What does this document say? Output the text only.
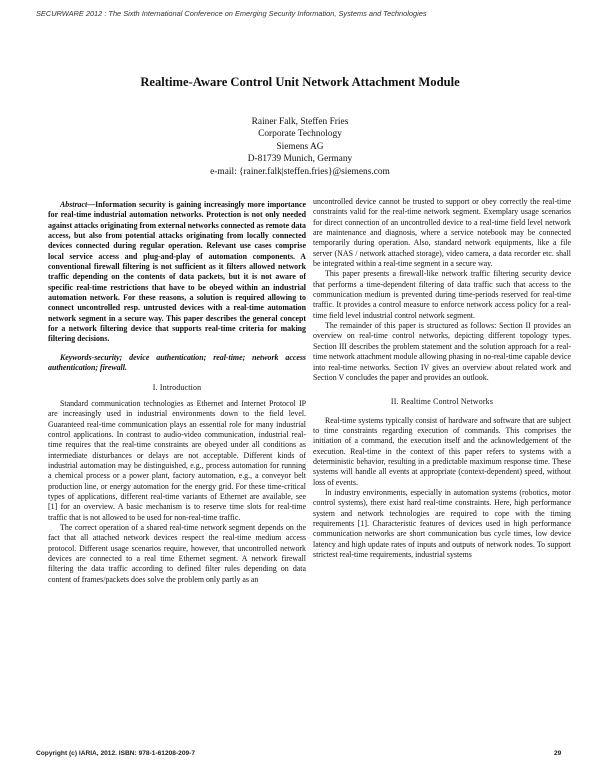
SECURWARE 2012 : The Sixth International Conference on Emerging Security Information, Systems and Technologies
Realtime-Aware Control Unit Network Attachment Module
Rainer Falk, Steffen Fries
Corporate Technology
Siemens AG
D-81739 Munich, Germany
e-mail: {rainer.falk|steffen.fries}@siemens.com

Abstract—Information security is gaining increasingly more importance for real-time industrial automation networks. Protection is not only needed against attacks originating from external networks connected as remote data access, but also from potential attacks originating from locally connected devices connected during regular operation. Relevant use cases comprise local service access and plug-and-play of automation components. A conventional firewall filtering is not sufficient as it filters allowed network traffic depending on the contents of data packets, but it is not aware of specific real-time restrictions that have to be obeyed within an industrial automation network. For these reasons, a solution is required allowing to connect uncontrolled resp. untrusted devices with a real-time automation network segment in a secure way. This paper describes the general concept for a network filtering device that supports real-time criteria for making filtering decisions.

Keywords-security; device authentication; real-time; network access authentication; firewall.

I. Introduction

Standard communication technologies as Ethernet and Internet Protocol IP are increasingly used in industrial environments down to the field level. Guaranteed real-time communication plays an essential role for many industrial control applications. In contrast to audio-video communication, industrial real-time requires that the real-time constraints are obeyed under all conditions as intermediate disturbances or delays are not acceptable. Different kinds of industrial automation may be distinguished, e.g., process automation for running a chemical process or a power plant, factory automation, e.g., a conveyor belt production line, or energy automation for the energy grid. For these time-critical types of applications, different real-time variants of Ethernet are available, see [1] for an overview. A basic mechanism is to reserve time slots for real-time traffic that is not allowed to be used for non-real-time traffic.

The correct operation of a shared real-time network segment depends on the fact that all attached network devices respect the real-time medium access protocol. Different usage scenarios require, however, that uncontrolled network devices are connected to a real time Ethernet segment. A network firewall filtering the data traffic according to defined filter rules depending on data content of frames/packets does solve the problem only partly as an

uncontrolled device cannot be trusted to support or obey correctly the real-time constraints valid for the real-time network segment. Exemplary usage scenarios for direct connection of an uncontrolled device to a real-time field level network are maintenance and diagnosis, where a service notebook may be connected temporarily during operation. Also, standard network equipments, like a file server (NAS / network attached storage), video camera, a data recorder etc. shall be integrated within a real-time segment in a secure way.

This paper presents a firewall-like network traffic filtering security device that performs a time-dependent filtering of data traffic such that access to the communication medium is prevented during time-periods reserved for real-time traffic. It provides a control measure to enforce network access policy for a real-time field level industrial control network segment.

The remainder of this paper is structured as follows: Section II provides an overview on real-time control networks, depicting different topology types. Section III describes the problem statement and the solution approach for a real-time network attachment module allowing phasing in no-real-time capable device into real-time networks. Section IV gives an overview about related work and Section V concludes the paper and provides an outlook.

II. Realtime Control Networks

Real-time systems typically consist of hardware and software that are subject to time constraints regarding execution of commands. This comprises the initiation of a command, the execution itself and the acknowledgement of the execution. Real-time in the context of this paper refers to systems with a deterministic behavior, resulting in a predictable maximum response time. These systems will handle all events at appropriate (context-dependent) speed, without loss of events.

In industry environments, especially in automation systems (robotics, motor control systems), there exist hard real-time constraints. Here, high performance system and network technologies are required to cope with the timing requirements [1]. Characteristic features of devices used in high performance communication networks are short communication bus cycle times, low device latency and high update rates of inputs and outputs of network nodes. To support strictest real-time requirements, industrial systems

Copyright (c) IARIA, 2012. ISBN: 978-1-61208-209-7	29
